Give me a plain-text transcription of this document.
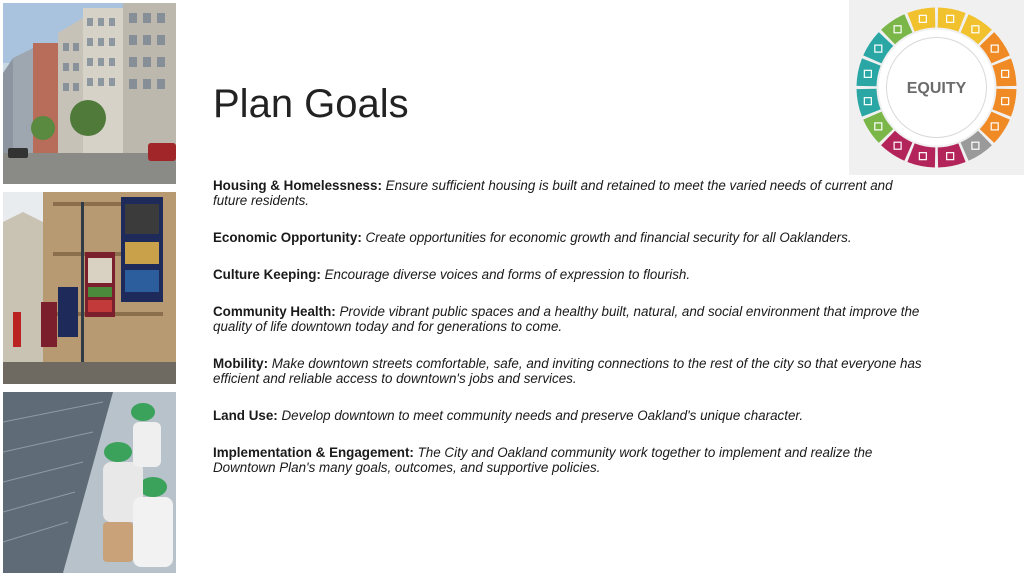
Plan Goals
Housing & Homelessness: Ensure sufficient housing is built and retained to meet the varied needs of current and future residents.
Economic Opportunity: Create opportunities for economic growth and financial security for all Oaklanders.
Culture Keeping: Encourage diverse voices and forms of expression to flourish.
Community Health: Provide vibrant public spaces and a healthy built, natural, and social environment that improve the quality of life downtown today and for generations to come.
Mobility: Make downtown streets comfortable, safe, and inviting connections to the rest of the city so that everyone has efficient and reliable access to downtown's jobs and services.
Land Use: Develop downtown to meet community needs and preserve Oakland's unique character.
Implementation & Engagement: The City and Oakland community work together to implement and realize the Downtown Plan's many goals, outcomes, and supportive policies.
EQUITY
